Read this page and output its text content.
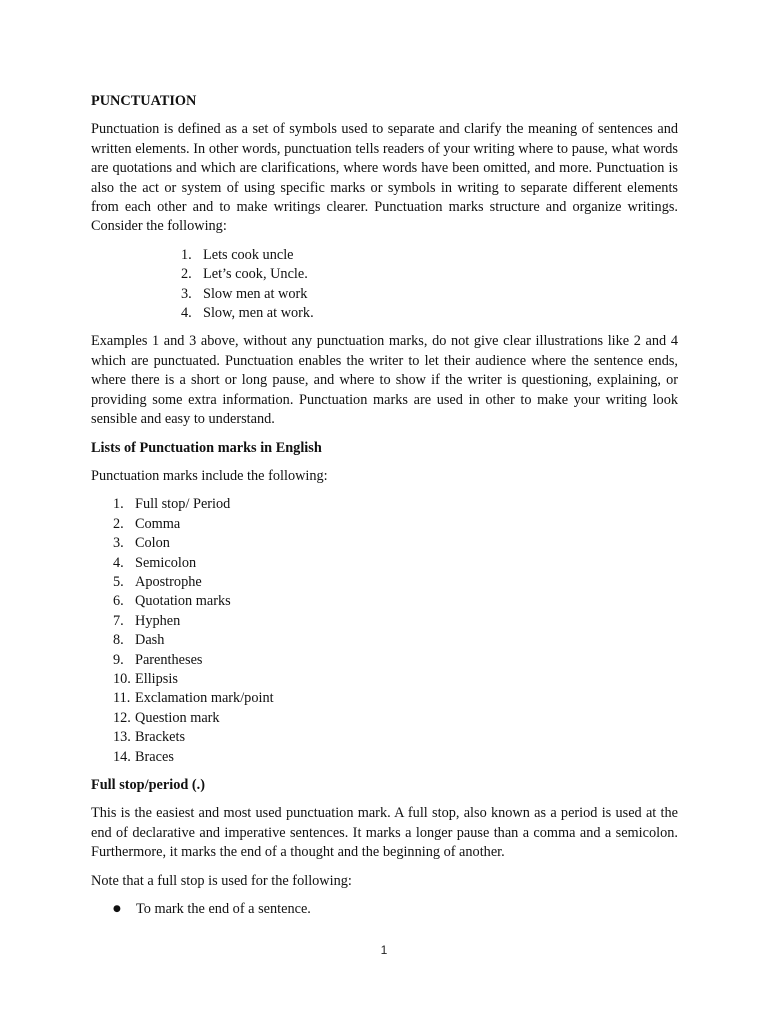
PUNCTUATION
Punctuation is defined as a set of symbols used to separate and clarify the meaning of sentences and written elements. In other words, punctuation tells readers of your writing where to pause, what words are quotations and which are clarifications, where words have been omitted, and more. Punctuation is also the act or system of using specific marks or symbols in writing to separate different elements from each other and to make writings clearer. Punctuation marks structure and organize writings. Consider the following:
1. Lets cook uncle
2. Let’s cook, Uncle.
3. Slow men at work
4. Slow, men at work.
Examples 1 and 3 above, without any punctuation marks, do not give clear illustrations like 2 and 4 which are punctuated. Punctuation enables the writer to let their audience where the sentence ends, where there is a short or long pause, and where to show if the writer is questioning, explaining, or providing some extra information. Punctuation marks are used in other to make your writing look sensible and easy to understand.
Lists of Punctuation marks in English
Punctuation marks include the following:
1. Full stop/ Period
2. Comma
3. Colon
4. Semicolon
5. Apostrophe
6. Quotation marks
7. Hyphen
8. Dash
9. Parentheses
10. Ellipsis
11. Exclamation mark/point
12. Question mark
13. Brackets
14. Braces
Full stop/period (.)
This is the easiest and most used punctuation mark. A full stop, also known as a period is used at the end of declarative and imperative sentences. It marks a longer pause than a comma and a semicolon. Furthermore, it marks the end of a thought and the beginning of another.
Note that a full stop is used for the following:
●	To mark the end of a sentence.
1
